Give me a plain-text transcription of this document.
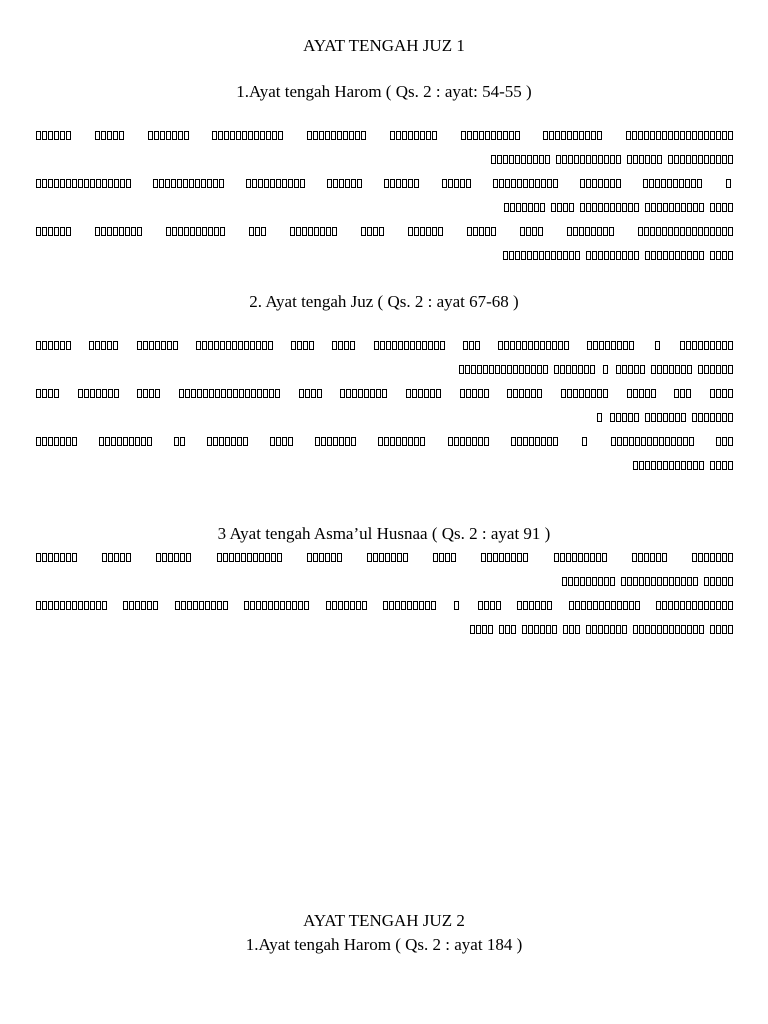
AYAT TENGAH JUZ 1
1.Ayat tengah Harom ( Qs. 2 : ayat: 54-55 )
2. Ayat tengah Juz ( Qs. 2 : ayat 67-68 )
3 Ayat tengah Asma’ul Husnaa ( Qs. 2 : ayat 91 )
AYAT TENGAH JUZ 2
1.Ayat tengah Harom ( Qs. 2 : ayat 184 )
